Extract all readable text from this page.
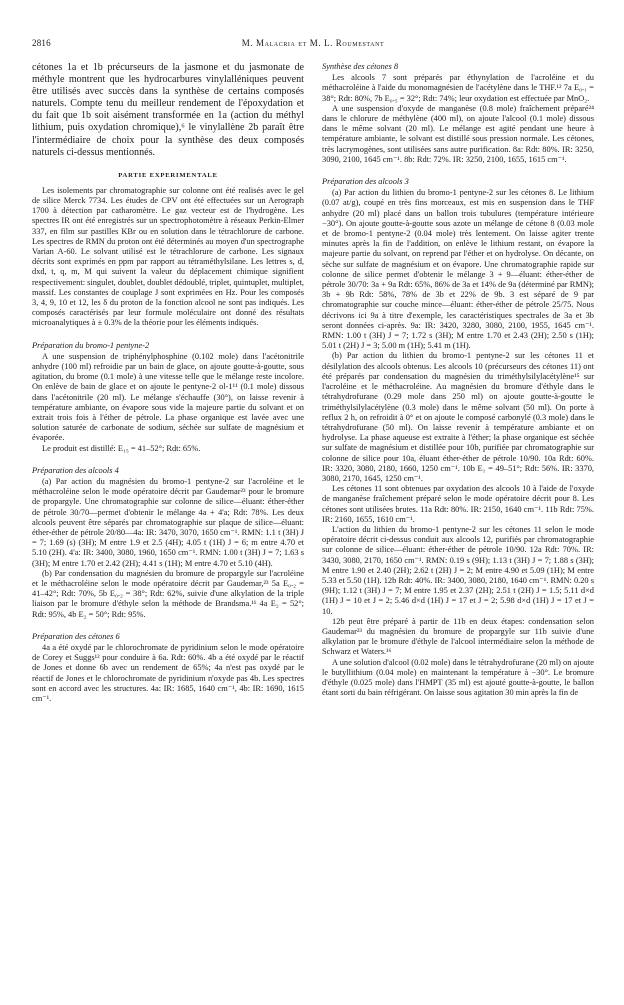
2816	M. Malacria et M. L. Roumestant

cétones 1a et 1b précurseurs de la jasmone et du jasmonate de méthyle montrent que les hydrocarbures vinylalléniques peuvent être utilisés avec succès dans la synthèse de certains composés naturels. Compte tenu du meilleur rendement de l'époxydation et du fait que 1b soit aisément transformée en 1a (action du méthyl lithium, puis oxydation chromique),⁶ le vinylallène 2b paraît être l'intermédiaire de choix pour la synthèse des deux composés naturels ci-dessus mentionnés.

PARTIE EXPERIMENTALE

Les isolements par chromatographie sur colonne ont été realisés avec le gel de silice Merck 7734. Les études de CPV ont été effectuées sur un Aerograph 1700 à détection par catharomètre. Le gaz vecteur est de l'hydrogène. Les spectres IR ont été enregistrés sur un spectrophotomètre à réseaux Perkin-Elmer 337, en film sur pastilles KBr ou en solution dans le tétrachlorure de carbone. Les spectres de RMN du proton ont été déterminés au moyen d'un spectrographe Varian A-60. Le solvant utilisé est le tétrachlorure de carbone. Les signaux décrits sont exprimés en ppm par rapport au tétraméthylsilane. Les lettres s, d, dxd, t, q, m, M qui suivent la valeur du déplacement chimique signifient respectivement: singulet, doublet, doublet dédoublé, triplet, quintuplet, multiplet, massif. Les constantes de couplage J sont exprimées en Hz. Pour les composés 3, 4, 9, 10 et 12, les δ du proton de la fonction alcool ne sont pas indiqués. Les composés caractérisés par leur formule moléculaire ont donné des résultats microanalytiques à ± 0.3% de la théorie pour les éléments indiqués.

Préparation du bromo-1 pentyne-2

A une suspension de triphénylphosphine (0.102 mole) dans l'acétonitrile anhydre (100 ml) refroidie par un bain de glace, on ajoute goutte-à-goutte, sous agitation, du brome (0.1 mole) à une vitesse telle que le mélange reste incolore. On enlève de bain de glace et on ajoute le pentyne-2 ol-1¹¹ (0.1 mole) dissous dans l'acétonitrile (20 ml). Le mélange s'échauffe (30°), on laisse revenir à température ambiante, on évapore sous vide la majeure partie du solvant et on extrait trois fois à l'éther de pétrole. La phase organique est lavée avec une solution saturée de carbonate de sodium, séchée sur sulfate de magnésium et évaporée.

Le produit est distillé: E₁₅ = 41–52°; Rdt: 65%.

Préparation des alcools 4

(a) Par action du magnésien du bromo-1 pentyne-2 sur l'acroléine et le méthacroléine selon le mode opératoire décrit par Gaudemar²³ pour le bromure de propargyle. Une chromatographie sur colonne de silice—éluant: éther-éther de pétrole 30/70—permet d'obtenir le mélange 4a + 4'a; Rdt: 78%. Les deux alcools peuvent être séparés par chromatographie sur plaque de silice—éluant: éther-éther de pétrole 20/80—4a: IR: 3470, 3070, 1650 cm⁻¹. RMN: 1.1 t (3H) J = 7; 1.69 (s) (3H); M entre 1.9 et 2.5 (4H); 4.05 t (1H) J = 6; m entre 4.70 et 5.10 (2H). 4'a: IR: 3400, 3080, 1960, 1650 cm⁻¹. RMN: 1.00 t (3H) J = 7; 1.63 s (3H); M entre 1.70 et 2.42 (2H); 4.41 s (1H); M entre 4.70 et 5.10 (4H).

(b) Par condensation du magnésien du bromure de propargyle sur l'acroléine et le méthacroléine selon le mode opératoire décrit par Gaudemar,²³ 5a E₀.₂ = 41–42°; Rdt: 70%, 5b E₀.₂ = 38°; Rdt: 62%, suivie d'une alkylation de la triple liaison par le bromure d'éthyle selon la méthode de Brandsma.¹¹ 4a E₂ = 52°; Rdt: 95%, 4b E₂ = 50°; Rdt: 95%.

Préparation des cétones 6

4a a été oxydé par le chlorochromate de pyridinium selon le mode opératoire de Corey et Suggs¹² pour conduire à 6a. Rdt: 60%. 4b a été oxydé par le réactif de Jones et donne 6b avec un rendement de 65%; 4a n'est pas oxydé par le réactif de Jones et le chlorochromate de pyridinium n'oxyde pas 4b. Les spectres sont en accord avec les structures. 4a: IR: 1685, 1640 cm⁻¹, 4b: IR: 1690, 1615 cm⁻¹.

Synthèse des cétones 8

Les alcools 7 sont préparés par éthynylation de l'acroléine et du méthacroléine à l'aide du monomagnésien de l'acétylène dans le THF.¹² 7a E₀.₁ = 38°; Rdt: 80%, 7b E₀.₅ = 32°; Rdt: 74%; leur oxydation est effectuée par MnO₂.

A une suspension d'oxyde de manganèse (0.8 mole) fraîchement préparé²⁴ dans le chlorure de méthylène (400 ml), on ajoute l'alcool (0.1 mole) dissous dans le même solvant (20 ml). Le mélange est agité pendant une heure à température ambiante, le solvant est distillé sous pression normale. Les cétones, très lacrymogènes, sont utilisées sans autre purification. 8a: Rdt: 80%. IR: 3250, 3090, 2100, 1645 cm⁻¹. 8b: Rdt: 72%. IR: 3250, 2100, 1655, 1615 cm⁻¹.

Préparation des alcools 3

(a) Par action du lithien du bromo-1 pentyne-2 sur les cétones 8. Le lithium (0.07 at/g), coupé en très fins morceaux, est mis en suspension dans le THF anhydre (20 ml) placé dans un ballon trois tubulures (température intérieure −30°). On ajoute goutte-à-goutte sous azote un mélange de cétone 8 (0.03 mole et de bromo-1 pentyne-2 (0.04 mole) très lentement. On laisse agiter trente minutes après la fin de l'addition, on enlève le lithium restant, on évapore la majeure partie du solvant, on reprend par l'éther et on hydrolyse. On décante, on sèche sur sulfate de magnésium et on évapore. Une chromatographie rapide sur colonne de silice permet d'obtenir le mélange 3 + 9—éluant: éther-éther de pétrole 30/70: 3a + 9a Rdt: 65%, 86% de 3a et 14% de 9a (déterminé par RMN); 3b + 9b Rdt: 58%, 78% de 3b et 22% de 9b. 3 est séparé de 9 par chromatographie sur couche mince—éluant: éther-éther de pétrole 25/75. Nous décrivons ici 9a à titre d'exemple, les caractéristiques spectrales de 3a et 3b seront données ci-après. 9a: IR: 3420, 3280, 3080, 2100, 1955, 1645 cm⁻¹. RMN: 1.00 t (3H) J = 7; 1.72 s (3H); M entre 1.70 et 2.43 (2H); 2.50 s (1H); 5.01 t (2H) J = 3; 5.00 m (1H); 5.41 m (1H).

(b) Par action du lithien du bromo-1 pentyne-2 sur les cétones 11 et désilylation des alcools obtenus. Les alcools 10 (précurseurs des cétones 11) ont été préparés par condensation du magnésien du triméthylsilylacétylène¹⁵ sur l'acroléine et le méthacroléine. Au magnésien du bromure d'éthyle dans le tétrahydrofurane (0.29 mole dans 250 ml) on ajoute goutte-à-goutte le triméthylsilylacétylène (0.3 mole) dans le même solvant (50 ml). On porte à reflux 2 h, on refroidit à 0° et on ajoute le composé carbonylé (0.3 mole) dans le tétrahydrofurane (50 ml). On laisse revenir à température ambiante et on hydrolyse. La phase aqueuse est extraite à l'éther; la phase organique est séchée sur sulfate de magnésium et distillée pour 10b, purifiée par chromatographie sur colonne de silice pour 10a, éluant éther-éther de pétrole 10/90. 10a Rdt: 60%. IR: 3320, 3080, 2180, 1660, 1250 cm⁻¹. 10b E₁ = 49–51°; Rdt: 56%. IR: 3370, 3080, 2170, 1645, 1250 cm⁻¹.

Les cétones 11 sont obtenues par oxydation des alcools 10 à l'aide de l'oxyde de manganèse fraîchement préparé selon le mode opératoire décrit pour 8. Les cétones sont utilisées brutes. 11a Rdt: 80%. IR: 2150, 1640 cm⁻¹. 11b Rdt: 75%. IR: 2160, 1655, 1610 cm⁻¹.

L'action du lithien du bromo-1 pentyne-2 sur les cétones 11 selon le mode opératoire décrit ci-dessus conduit aux alcools 12, purifiés par chromatographie sur colonne de silice—éluant: éther-éther de pétrole 10/90. 12a Rdt: 70%. IR: 3430, 3080, 2170, 1650 cm⁻¹. RMN: 0.19 s (9H); 1.13 t (3H) J = 7; 1.88 s (3H); M entre 1.90 et 2.40 (2H); 2.62 t (2H) J = 2; M entre 4.90 et 5.09 (1H); M entre 5.33 et 5.50 (1H). 12b Rdt: 40%. IR: 3400, 3080, 2180, 1640 cm⁻¹. RMN: 0.20 s (9H); 1.12 t (3H) J = 7; M entre 1.95 et 2.37 (2H); 2.51 t (2H) J = 1.5; 5.11 d×d (1H) J = 10 et J = 2; 5.46 d×d (1H) J = 17 et J = 2; 5.98 d×d (1H) J = 17 et J = 10.

12b peut être préparé à partir de 11b en deux étapes: condensation selon Gaudemar²³ du magnésien du bromure de propargyle sur 11b suivie d'une alkylation par le bromure d'éthyle de l'alcool intermédiaire selon la méthode de Schwarz et Waters.¹⁶

A une solution d'alcool (0.02 mole) dans le tétrahydrofurane (20 ml) on ajoute le butyllithium (0.04 mole) en maintenant la température à −30°. Le bromure d'éthyle (0.025 mole) dans l'HMPT (35 ml) est ajouté goutte-à-goutte, le ballon étant sorti du bain réfrigérant. On laisse sous agitation 30 min après la fin de
